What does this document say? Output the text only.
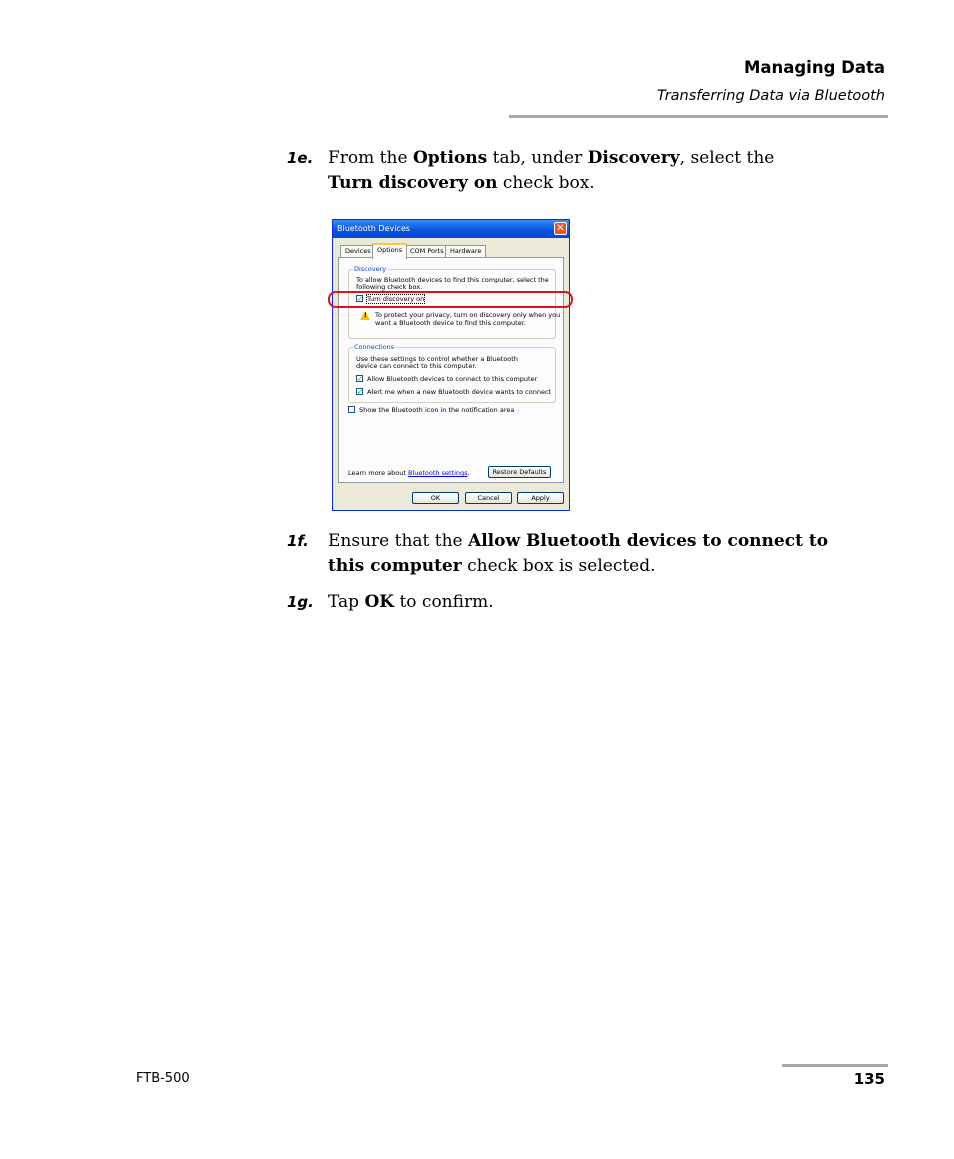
Managing Data
Transferring Data via Bluetooth
1e. From the Options tab, under Discovery, select the
Turn discovery on check box.
Bluetooth Devices	✕
Devices Options	COM Ports Hardware
Discovery
To allow Bluetooth devices to find this computer, select the
following check box.
✓ Turn discovery on
!
To protect your privacy, turn on discovery only when you
want a Bluetooth device to find this computer.
Connections
Use these settings to control whether a Bluetooth
device can connect to this computer.
✓ Allow Bluetooth devices to connect to this computer
✓ Alert me when a new Bluetooth device wants to connect
Show the Bluetooth icon in the notification area
Learn more about Bluetooth settings.	Restore Defaults
OK	Cancel	Apply
1f. Ensure that the Allow Bluetooth devices to connect to this computer check box is selected.
1g. Tap OK to confirm.
FTB-500	135
